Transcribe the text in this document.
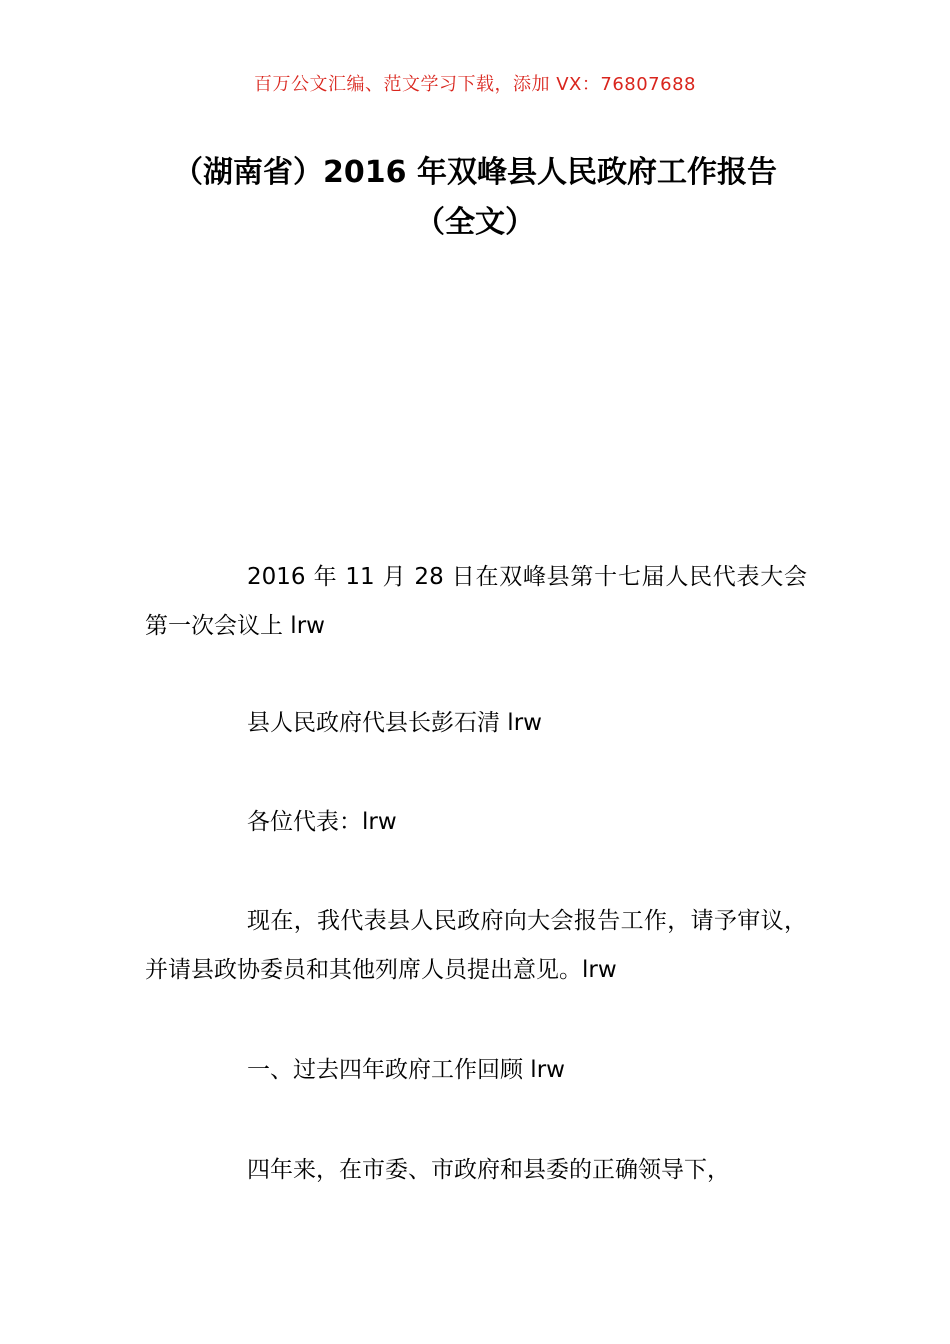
百万公文汇编、范文学习下载，添加 VX：76807688
（湖南省）2016 年双峰县人民政府工作报告（全文）

2016 年 11 月 28 日在双峰县第十七届人民代表大会第一次会议上 lrw

县人民政府代县长彭石清 lrw

各位代表：lrw

现在，我代表县人民政府向大会报告工作，请予审议，并请县政协委员和其他列席人员提出意见。lrw

一、过去四年政府工作回顾 lrw

四年来，在市委、市政府和县委的正确领导下，
